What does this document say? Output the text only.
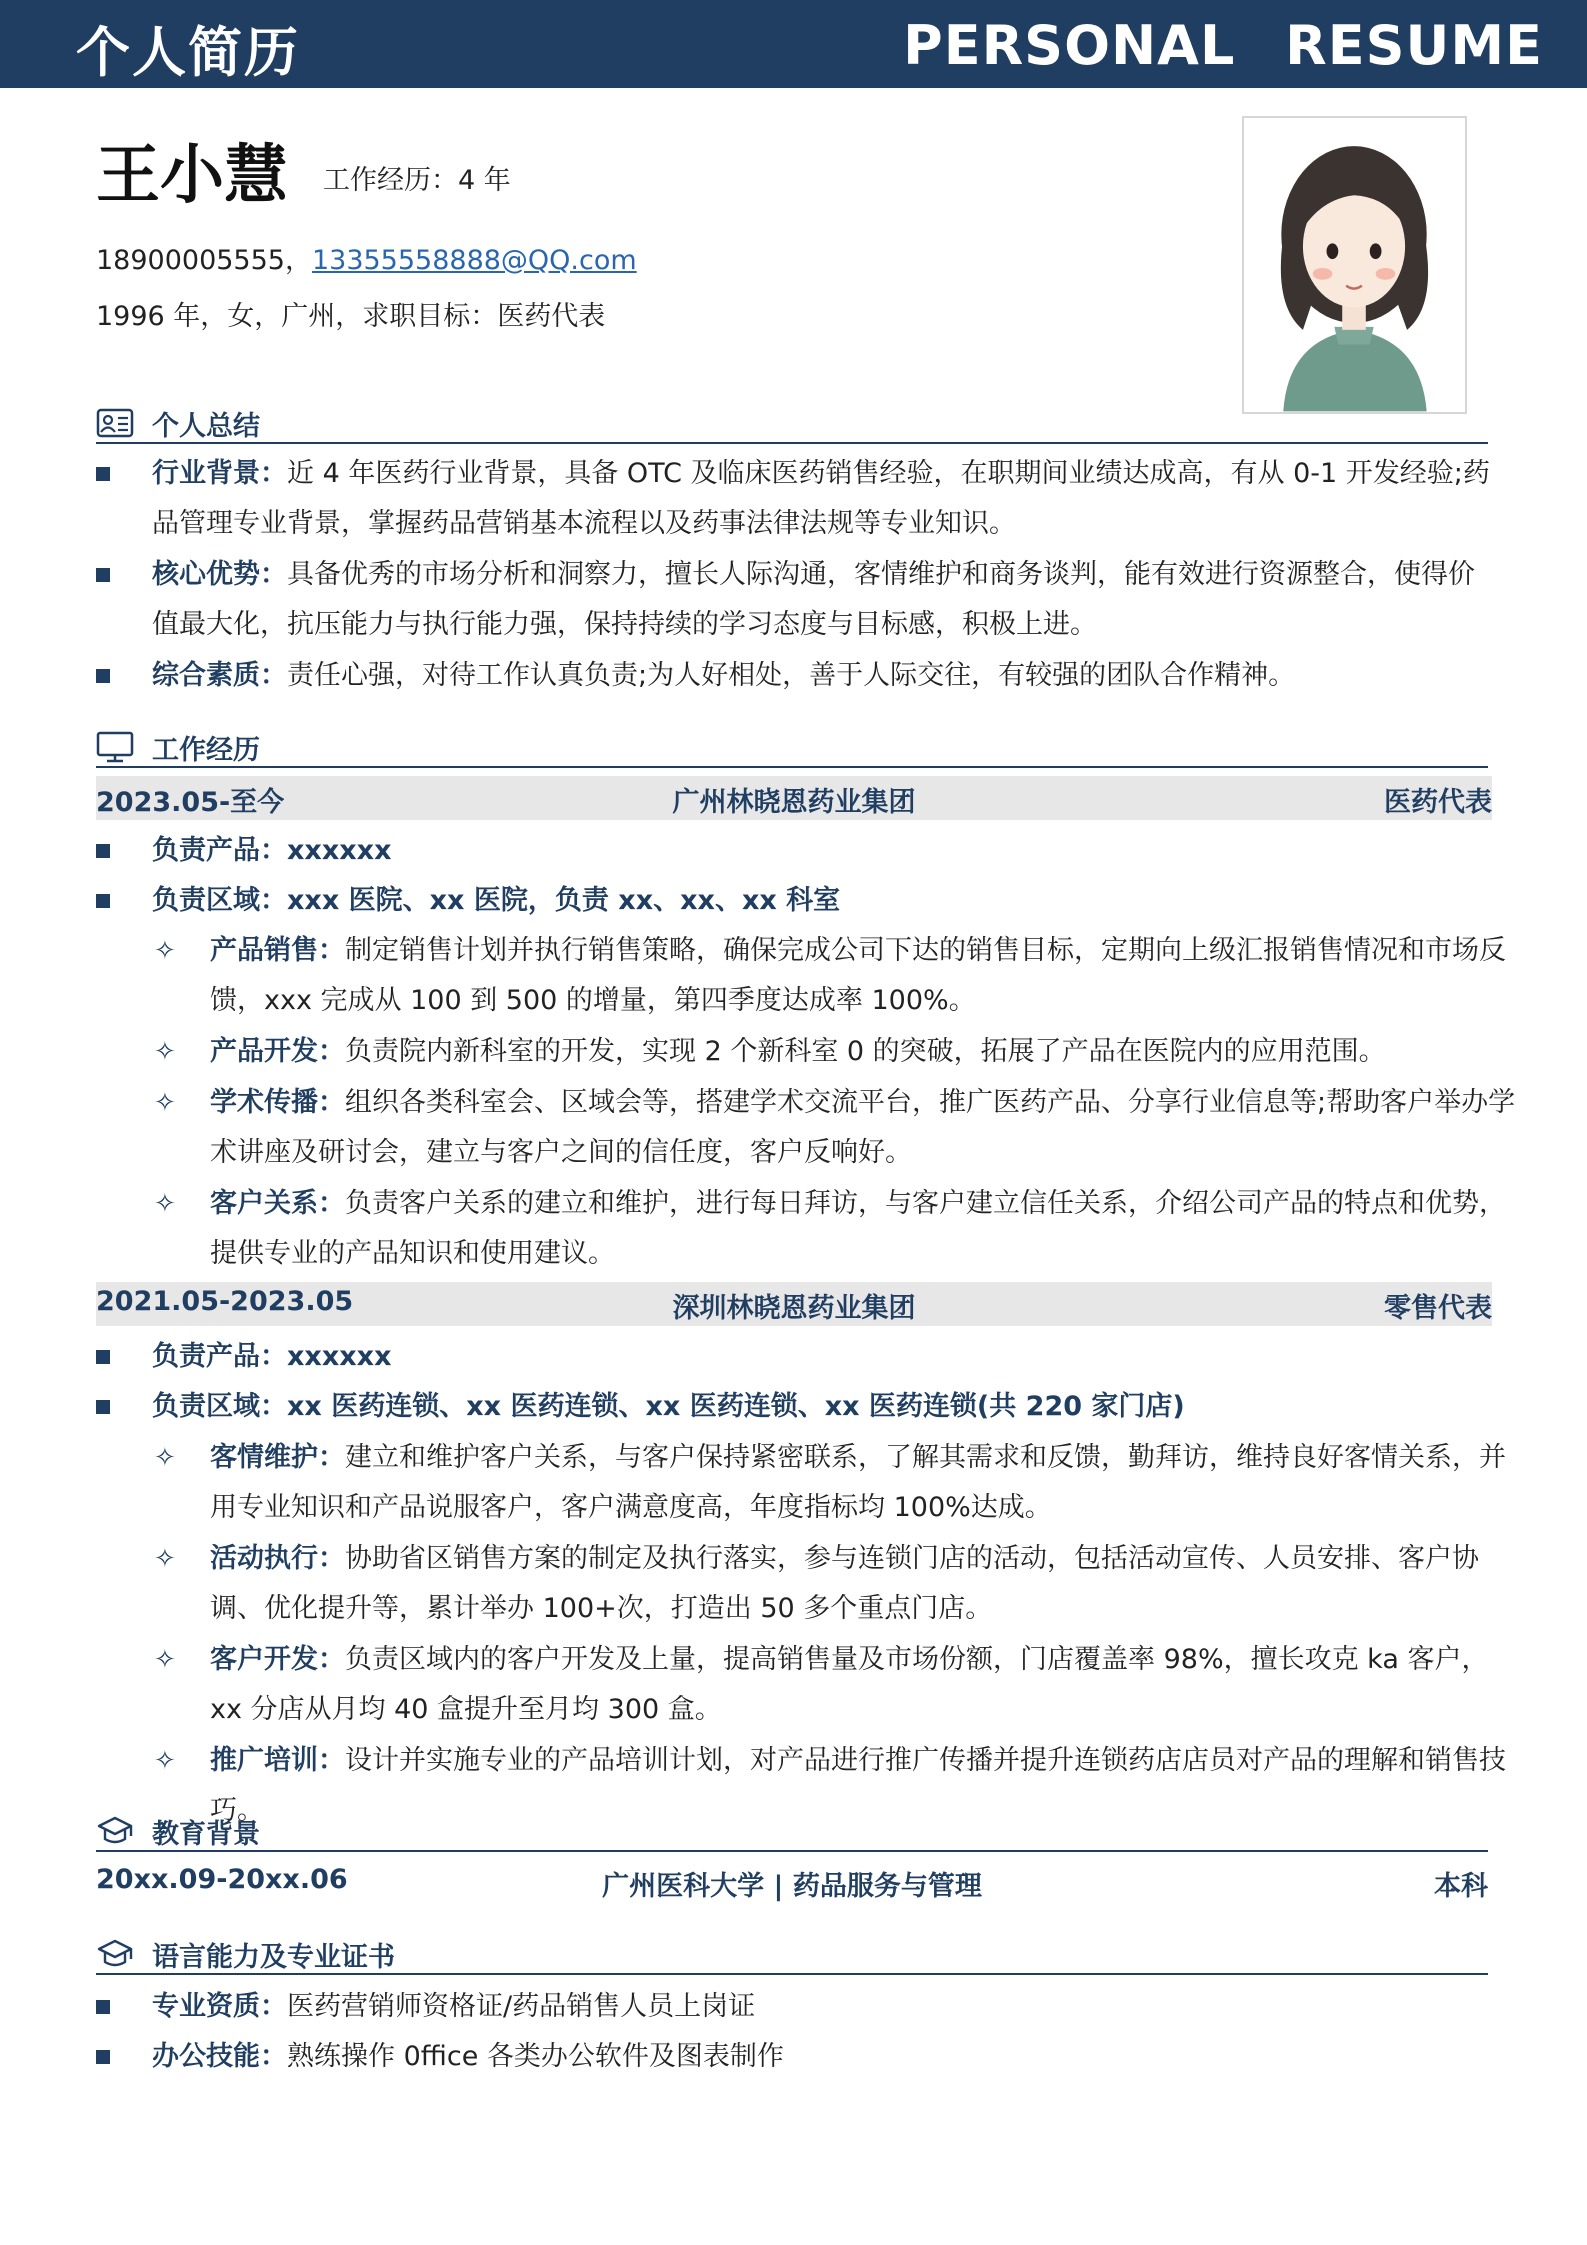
个人简历	PERSONAL RESUME
王小慧 工作经历：4 年
18900005555，13355558888@QQ.com
1996 年，女，广州，求职目标：医药代表
个人总结
行业背景：近 4 年医药行业背景，具备 OTC 及临床医药销售经验，在职期间业绩达成高，有从 0-1 开发经验;药品管理专业背景，掌握药品营销基本流程以及药事法律法规等专业知识。
核心优势：具备优秀的市场分析和洞察力，擅长人际沟通，客情维护和商务谈判，能有效进行资源整合，使得价值最大化，抗压能力与执行能力强，保持持续的学习态度与目标感，积极上进。
综合素质：责任心强，对待工作认真负责;为人好相处，善于人际交往，有较强的团队合作精神。
工作经历
2023.05-至今	广州林晓恩药业集团	医药代表
负责产品：xxxxxx
负责区域：xxx 医院、xx 医院，负责 xx、xx、xx 科室
✧ 产品销售：制定销售计划并执行销售策略，确保完成公司下达的销售目标，定期向上级汇报销售情况和市场反馈，xxx 完成从 100 到 500 的增量，第四季度达成率 100%。
✧ 产品开发：负责院内新科室的开发，实现 2 个新科室 0 的突破，拓展了产品在医院内的应用范围。
✧ 学术传播：组织各类科室会、区域会等，搭建学术交流平台，推广医药产品、分享行业信息等;帮助客户举办学术讲座及研讨会，建立与客户之间的信任度，客户反响好。
✧ 客户关系：负责客户关系的建立和维护，进行每日拜访，与客户建立信任关系，介绍公司产品的特点和优势，提供专业的产品知识和使用建议。
2021.05-2023.05	深圳林晓恩药业集团	零售代表
负责产品：xxxxxx
负责区域：xx 医药连锁、xx 医药连锁、xx 医药连锁、xx 医药连锁(共 220 家门店)
✧ 客情维护：建立和维护客户关系，与客户保持紧密联系，了解其需求和反馈，勤拜访，维持良好客情关系，并用专业知识和产品说服客户，客户满意度高，年度指标均 100%达成。
✧ 活动执行：协助省区销售方案的制定及执行落实，参与连锁门店的活动，包括活动宣传、人员安排、客户协调、优化提升等，累计举办 100+次，打造出 50 多个重点门店。
✧ 客户开发：负责区域内的客户开发及上量，提高销售量及市场份额，门店覆盖率 98%，擅长攻克 ka 客户，xx 分店从月均 40 盒提升至月均 300 盒。
✧ 推广培训：设计并实施专业的产品培训计划，对产品进行推广传播并提升连锁药店店员对产品的理解和销售技巧。
教育背景
20xx.09-20xx.06	广州医科大学 | 药品服务与管理	本科
语言能力及专业证书
专业资质：医药营销师资格证/药品销售人员上岗证
办公技能：熟练操作 0ffice 各类办公软件及图表制作
